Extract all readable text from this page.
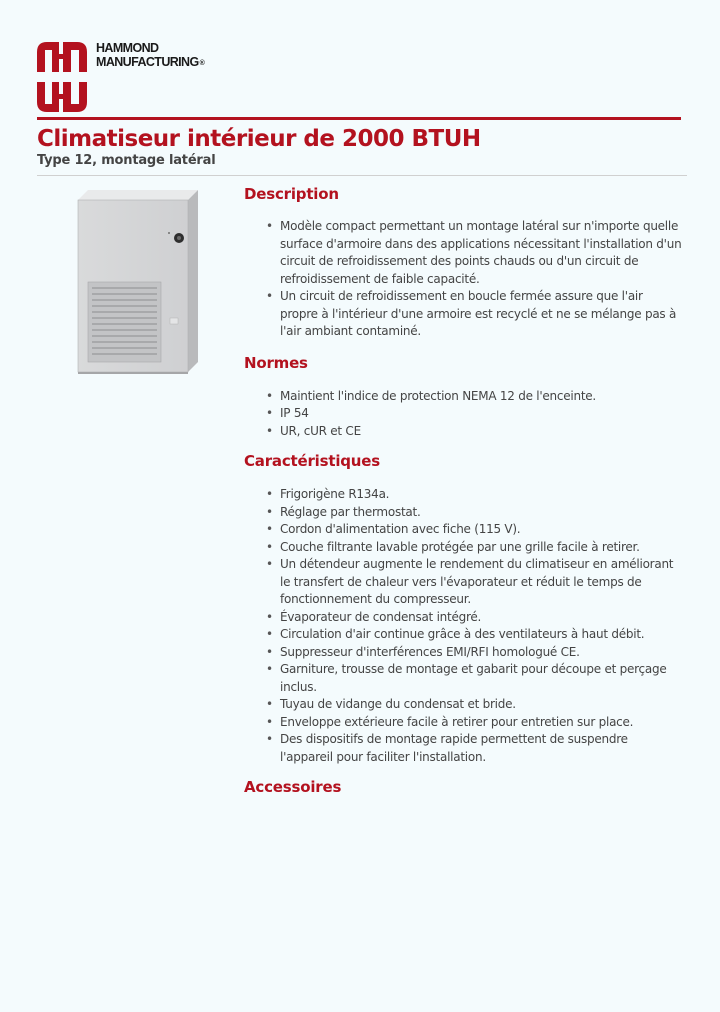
HAMMOND
MANUFACTURING®
Climatiseur intérieur de 2000 BTUH
Type 12, montage latéral
Description
• Modèle compact permettant un montage latéral sur n'importe quelle surface d'armoire dans des applications nécessitant l'installation d'un circuit de refroidissement des points chauds ou d'un circuit de refroidissement de faible capacité.
• Un circuit de refroidissement en boucle fermée assure que l'air propre à l'intérieur d'une armoire est recyclé et ne se mélange pas à l'air ambiant contaminé.
Normes
• Maintient l'indice de protection NEMA 12 de l'enceinte.
• IP 54
• UR, cUR et CE
Caractéristiques
• Frigorigène R134a.
• Réglage par thermostat.
• Cordon d'alimentation avec fiche (115 V).
• Couche filtrante lavable protégée par une grille facile à retirer.
• Un détendeur augmente le rendement du climatiseur en améliorant le transfert de chaleur vers l'évaporateur et réduit le temps de fonctionnement du compresseur.
• Évaporateur de condensat intégré.
• Circulation d'air continue grâce à des ventilateurs à haut débit.
• Suppresseur d'interférences EMI/RFI homologué CE.
• Garniture, trousse de montage et gabarit pour découpe et perçage inclus.
• Tuyau de vidange du condensat et bride.
• Enveloppe extérieure facile à retirer pour entretien sur place.
• Des dispositifs de montage rapide permettent de suspendre l'appareil pour faciliter l'installation.
Accessoires
